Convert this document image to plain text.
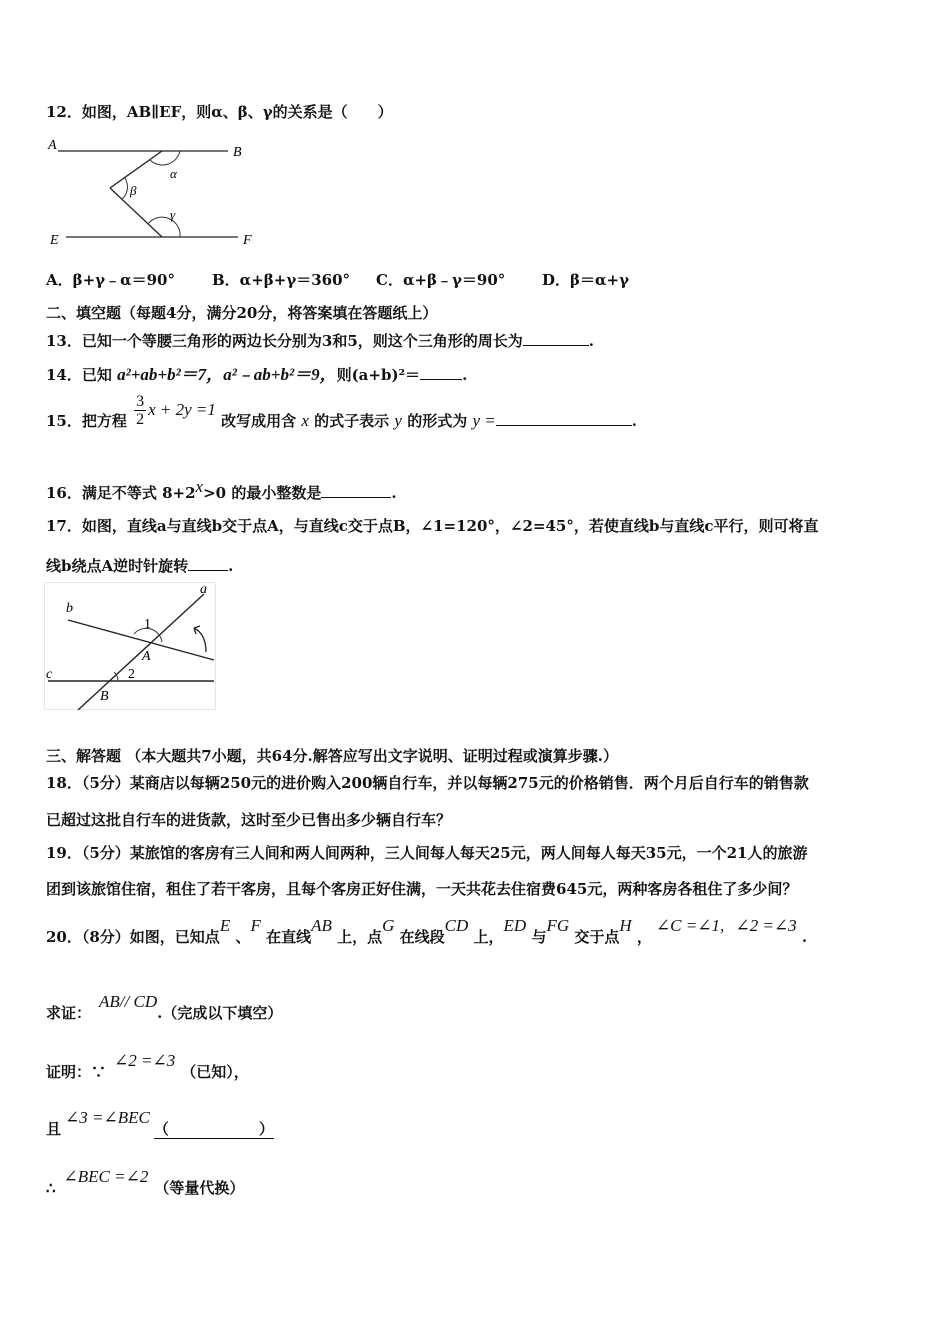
12．如图，AB∥EF，则α、β、γ的关系是（　　）
A	B
E	F
α
β
γ
A．β+γ﹣α＝90° B．α+β+γ＝360° C．α+β﹣γ＝90° D．β＝α+γ
二、填空题（每题4分，满分20分，将答案填在答题纸上）
13．已知一个等腰三角形的两边长分别为3和5，则这个三角形的周长为	.
14．已知 a²+ab+b²＝7，a²﹣ab+b²＝9，则(a+b)²＝	.
15．把方程 $\frac{3}{2}$ x + 2y =1 改写成用含 x 的式子表示 y 的形式为 y =	.
16．满足不等式 8+2x>0 的最小整数是	.
17．如图，直线a与直线b交于点A，与直线c交于点B，∠1=120°，∠2=45°，若使直线b与直线c平行，则可将直
线b绕点A逆时针旋转	.
a
b
c
A
B
1
2
三、解答题 （本大题共7小题，共64分.解答应写出文字说明、证明过程或演算步骤.）
18．（5分）某商店以每辆250元的进价购入200辆自行车，并以每辆275元的价格销售．两个月后自行车的销售款
已超过这批自行车的进货款，这时至少已售出多少辆自行车？
19．（5分）某旅馆的客房有三人间和两人间两种，三人间每人每天25元，两人间每人每天35元，一个21人的旅游
团到该旅馆住宿，租住了若干客房，且每个客房正好住满，一天共花去住宿费645元，两种客房各租住了多少间？
20．（8分）如图，已知点E 、F 在直线AB 上，点G 在线段CD 上，ED 与FG 交于点H ，∠C =∠1, ∠2 =∠3 .
求证：AB// CD.（完成以下填空）
证明：∵∠2 =∠3（已知），
且∠3 =∠BEC（　　　　　　）
∴∠BEC =∠2（等量代换）
